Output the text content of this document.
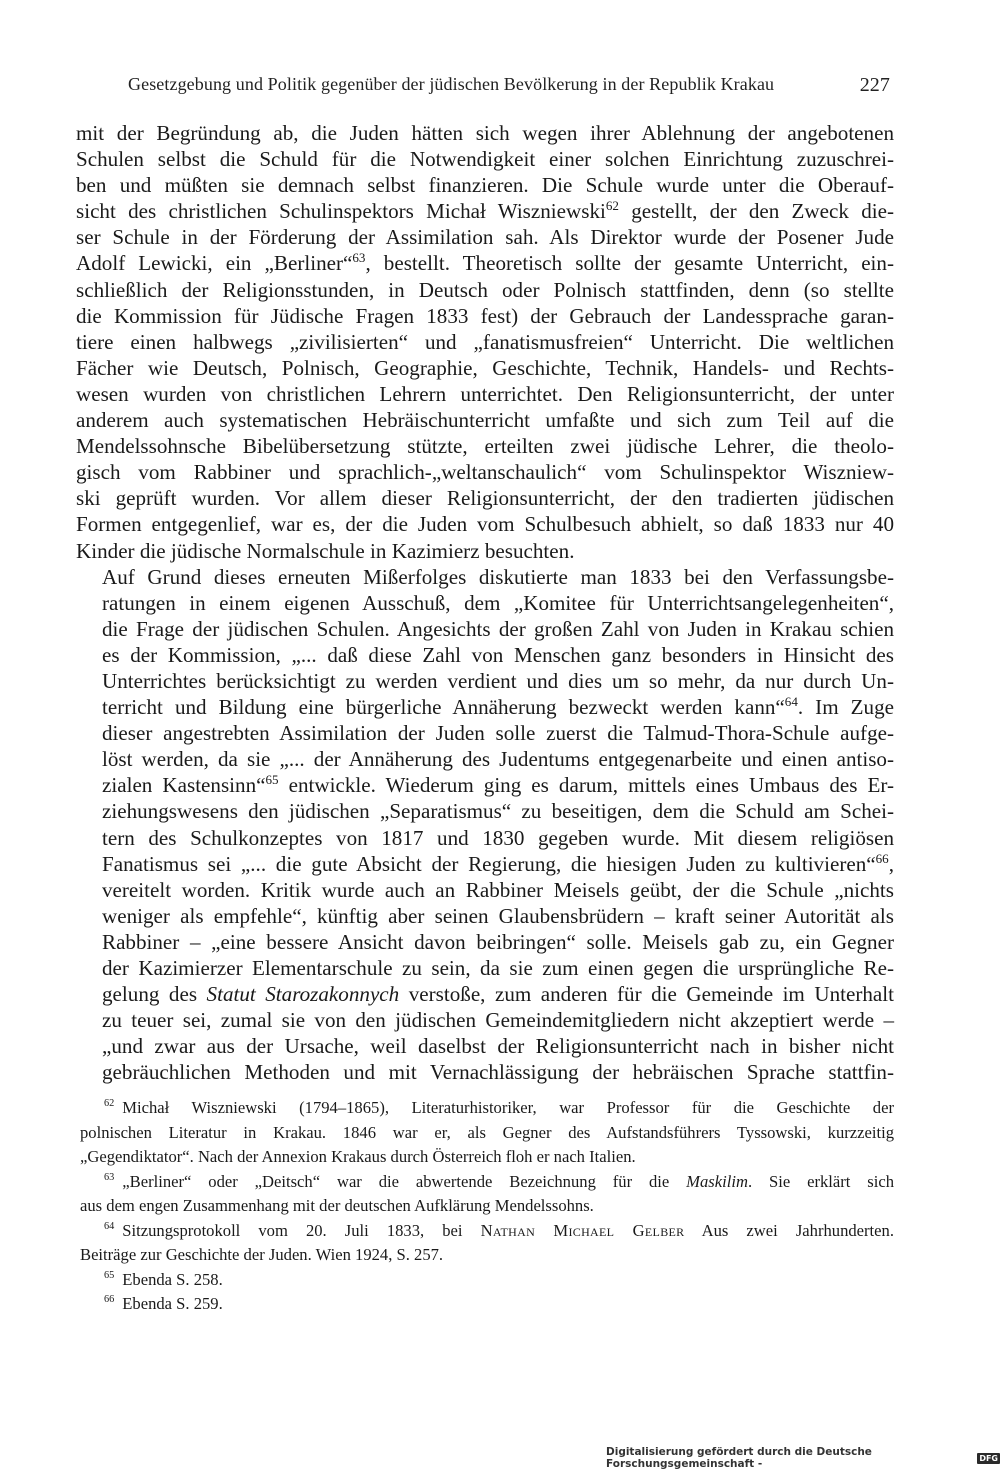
Gesetzgebung und Politik gegenüber der jüdischen Bevölkerung in der Republik Krakau	227

mit der Begründung ab, die Juden hätten sich wegen ihrer Ablehnung der angebotenen
Schulen selbst die Schuld für die Notwendigkeit einer solchen Einrichtung zuzuschrei-
ben und müßten sie demnach selbst finanzieren. Die Schule wurde unter die Oberauf-
sicht des christlichen Schulinspektors Michał Wiszniewski$^{62}$ gestellt, der den Zweck die-
ser Schule in der Förderung der Assimilation sah. Als Direktor wurde der Posener Jude
Adolf Lewicki, ein „Berliner“$^{63}$, bestellt. Theoretisch sollte der gesamte Unterricht, ein-
schließlich der Religionsstunden, in Deutsch oder Polnisch stattfinden, denn (so stellte
die Kommission für Jüdische Fragen 1833 fest) der Gebrauch der Landessprache garan-
tiere einen halbwegs „zivilisierten“ und „fanatismusfreien“ Unterricht. Die weltlichen
Fächer wie Deutsch, Polnisch, Geographie, Geschichte, Technik, Handels- und Rechts-
wesen wurden von christlichen Lehrern unterrichtet. Den Religionsunterricht, der unter
anderem auch systematischen Hebräischunterricht umfaßte und sich zum Teil auf die
Mendelssohnsche Bibelübersetzung stützte, erteilten zwei jüdische Lehrer, die theolo-
gisch vom Rabbiner und sprachlich-„weltanschaulich“ vom Schulinspektor Wiszniew-
ski geprüft wurden. Vor allem dieser Religionsunterricht, der den tradierten jüdischen
Formen entgegenlief, war es, der die Juden vom Schulbesuch abhielt, so daß 1833 nur 40
Kinder die jüdische Normalschule in Kazimierz besuchten.

Auf Grund dieses erneuten Mißerfolges diskutierte man 1833 bei den Verfassungsbe-
ratungen in einem eigenen Ausschuß, dem „Komitee für Unterrichtsangelegenheiten“,
die Frage der jüdischen Schulen. Angesichts der großen Zahl von Juden in Krakau schien
es der Kommission, „... daß diese Zahl von Menschen ganz besonders in Hinsicht des
Unterrichtes berücksichtigt zu werden verdient und dies um so mehr, da nur durch Un-
terricht und Bildung eine bürgerliche Annäherung bezweckt werden kann“$^{64}$. Im Zuge
dieser angestrebten Assimilation der Juden solle zuerst die Talmud-Thora-Schule aufge-
löst werden, da sie „... der Annäherung des Judentums entgegenarbeite und einen antiso-
zialen Kastensinn“$^{65}$ entwickle. Wiederum ging es darum, mittels eines Umbaus des Er-
ziehungswesens den jüdischen „Separatismus“ zu beseitigen, dem die Schuld am Schei-
tern des Schulkonzeptes von 1817 und 1830 gegeben wurde. Mit diesem religiösen
Fanatismus sei „... die gute Absicht der Regierung, die hiesigen Juden zu kultivieren“$^{66}$,
vereitelt worden. Kritik wurde auch an Rabbiner Meisels geübt, der die Schule „nichts
weniger als empfehle“, künftig aber seinen Glaubensbrüdern – kraft seiner Autorität als
Rabbiner – „eine bessere Ansicht davon beibringen“ solle. Meisels gab zu, ein Gegner
der Kazimierzer Elementarschule zu sein, da sie zum einen gegen die ursprüngliche Re-
gelung des Statut Starozakonnych verstoße, zum anderen für die Gemeinde im Unterhalt
zu teuer sei, zumal sie von den jüdischen Gemeindemitgliedern nicht akzeptiert werde –
„und zwar aus der Ursache, weil daselbst der Religionsunterricht nach in bisher nicht
gebräuchlichen Methoden und mit Vernachlässigung der hebräischen Sprache stattfin-

$^{62}$ Michał Wiszniewski (1794–1865), Literaturhistoriker, war Professor für die Geschichte der
polnischen Literatur in Krakau. 1846 war er, als Gegner des Aufstandsführers Tyssowski, kurzzeitig
„Gegendiktator“. Nach der Annexion Krakaus durch Österreich floh er nach Italien.
$^{63}$ „Berliner“ oder „Deitsch“ war die abwertende Bezeichnung für die Maskilim. Sie erklärt sich
aus dem engen Zusammenhang mit der deutschen Aufklärung Mendelssohns.
$^{64}$ Sitzungsprotokoll vom 20. Juli 1833, bei Nathan Michael Gelber Aus zwei Jahrhunderten.
Beiträge zur Geschichte der Juden. Wien 1924, S. 257.
$^{65}$ Ebenda S. 258.
$^{66}$ Ebenda S. 259.
Digitalisierung gefördert durch die Deutsche Forschungsgemeinschaft -	DFG
